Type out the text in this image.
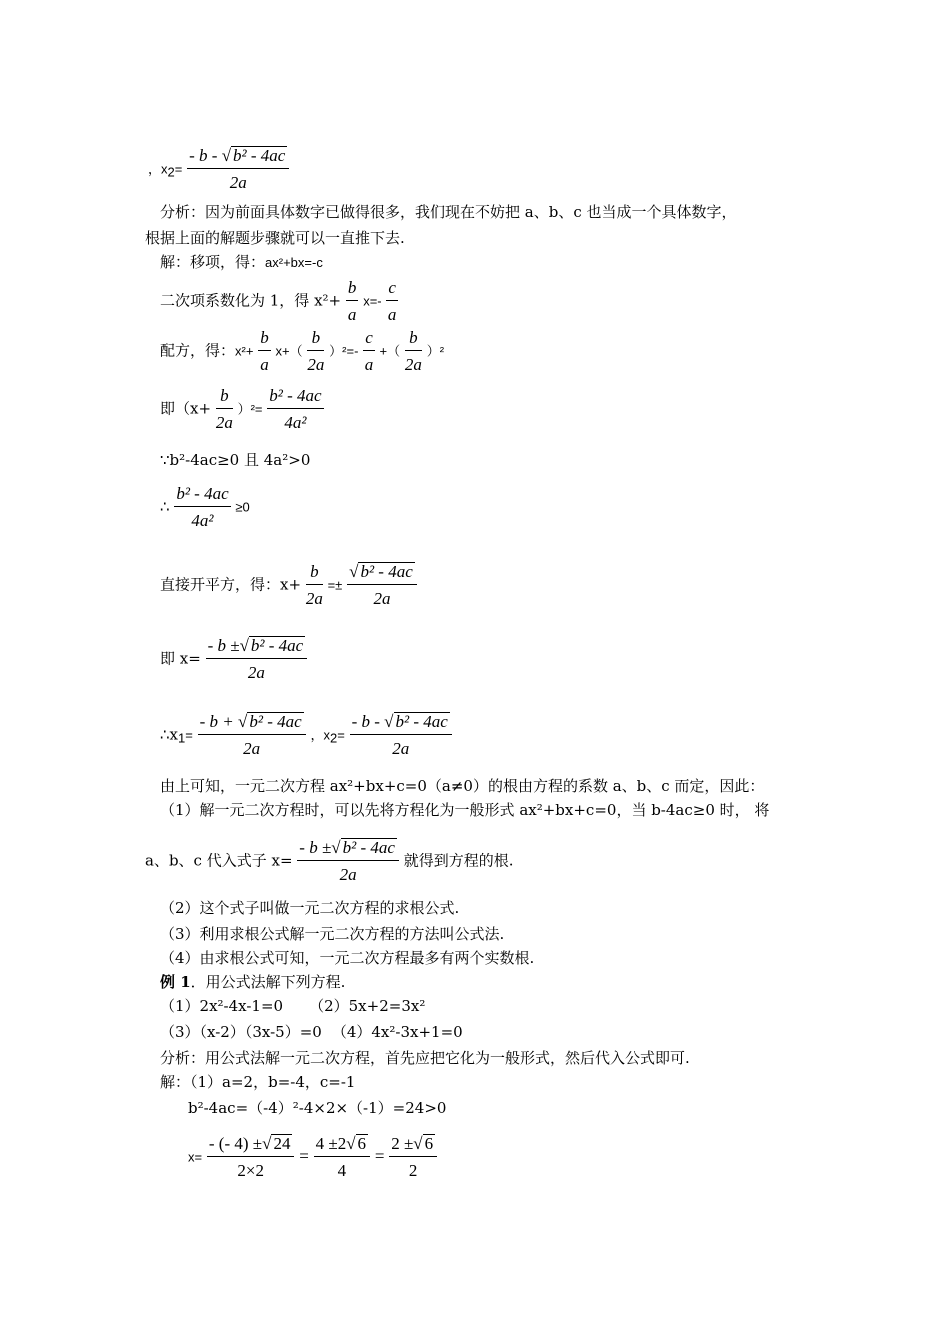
，$x_2= \frac{\text{- b - √ b² - 4ac}}{2a}$
分析：因为前面具体数字已做得很多，我们现在不妨把 a、b、c 也当成一个具体数字，
根据上面的解题步骤就可以一直推下去.
解：移项，得：ax²+bx=-c
二次项系数化为 1，得 $x^2+ \frac{b}{a} x=- \frac{c}{a}$
配方，得：$x^2+ \frac{b}{a} x+( \frac{b}{2a} )^2=- \frac{c}{a}$ +（ $\frac{b}{2a} )^2$
即$(x+ \frac{b}{2a} )^2= \frac{\text{b² - 4ac}}{\text{4a²}}$
∵b²-4ac≥0 且 4a²>0
∴ $\frac{\text{b² - 4ac}}{\text{4a²}} \ge 0$
直接开平方，得：$x+ \frac{b}{2a} =\pm \frac{\text{√ b² - 4ac}}{2a}$
即 $x= \frac{\text{- b ±√ b² - 4ac}}{2a}$
$\therefore x_1= \frac{\text{- b + √ b² - 4ac}}{2a}$ ，$x_2= \frac{\text{- b - √ b² - 4ac}}{2a}$
由上可知，一元二次方程 ax²+bx+c=0（a≠0）的根由方程的系数 a、b、c 而定，因此：
（1）解一元二次方程时，可以先将方程化为一般形式 ax²+bx+c=0，当 b-4ac≥0 时， 将
a、b、c 代入式子 $x= \frac{\text{- b ±√ b² - 4ac}}{2a}$ 就得到方程的根.
（2）这个式子叫做一元二次方程的求根公式.
（3）利用求根公式解一元二次方程的方法叫公式法.
（4）由求根公式可知，一元二次方程最多有两个实数根.
例 1．用公式法解下列方程.
（1）2x²-4x-1=0 （2）5x+2=3x²
（3）（x-2）（3x-5）=0 （4）4x²-3x+1=0
分析：用公式法解一元二次方程，首先应把它化为一般形式，然后代入公式即可.
解：（1）a=2，b=-4，c=-1
b²-4ac=（-4）²-4×2×（-1）=24>0
$x= \frac{- (- 4) \pm√ 24}{2\times 2} = \frac{4 \pm 2√ 6}{4} = \frac{2 \pm√ 6}{2}$
